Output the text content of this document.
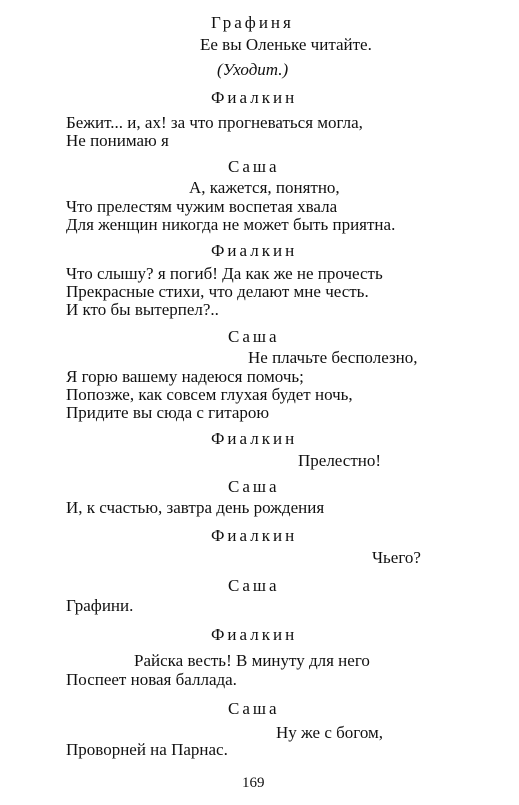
Графиня
Ее вы Оленьке читайте.
(Уходит.)
Фиалкин
Бежит... и, ах! за что прогневаться могла,
Не понимаю я
Саша
А, кажется, понятно,
Что прелестям чужим воспетая хвала
Для женщин никогда не может быть приятна.
Фиалкин
Что слышу? я погиб! Да как же не прочесть
Прекрасные стихи, что делают мне честь.
И кто бы вытерпел?..
Саша
Не плачьте бесполезно,
Я горю вашему надеюся помочь;
Попозже, как совсем глухая будет ночь,
Придите вы сюда с гитарою
Фиалкин
Прелестно!
Саша
И, к счастью, завтра день рождения
Фиалкин
Чьего?
Саша
Графини.
Фиалкин
Райска весть! В минуту для него
Поспеет новая баллада.
Саша
Ну же с богом,
Проворней на Парнас.
169
